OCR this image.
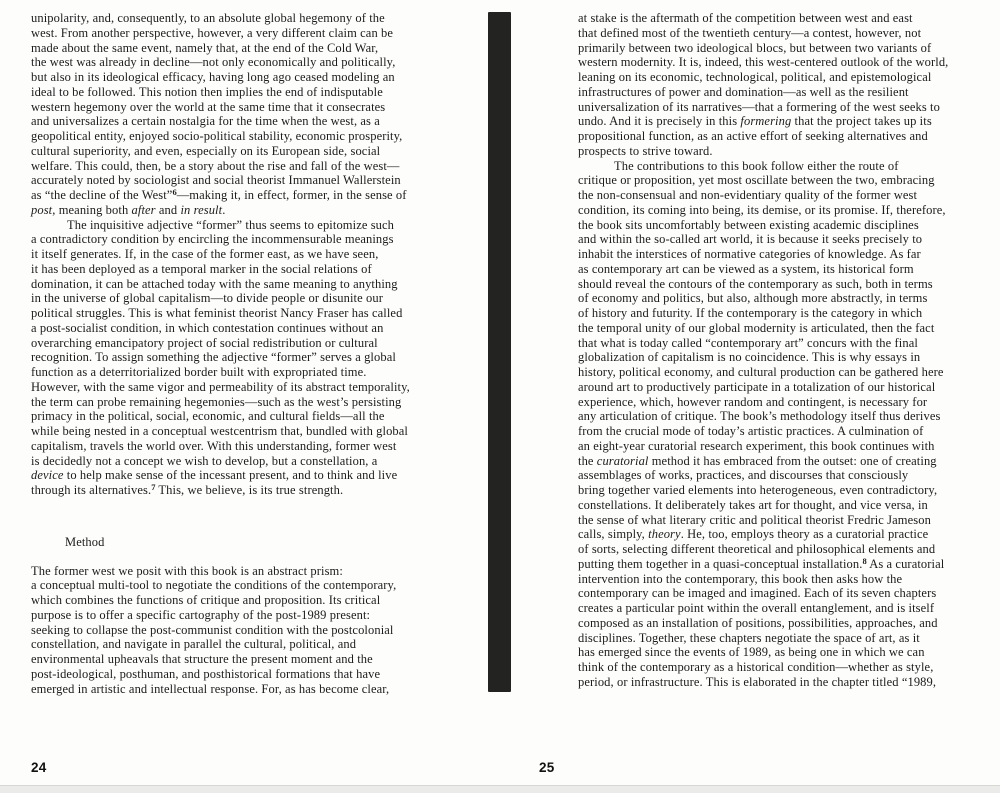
unipolarity, and, consequently, to an absolute global hegemony of the
west. From another perspective, however, a very different claim can be
made about the same event, namely that, at the end of the Cold War,
the west was already in decline—not only economically and politically,
but also in its ideological efficacy, having long ago ceased modeling an
ideal to be followed. This notion then implies the end of indisputable
western hegemony over the world at the same time that it consecrates
and universalizes a certain nostalgia for the time when the west, as a
geopolitical entity, enjoyed socio-political stability, economic prosperity,
cultural superiority, and even, especially on its European side, social
welfare. This could, then, be a story about the rise and fall of the west—
accurately noted by sociologist and social theorist Immanuel Wallerstein
as “the decline of the West”$^6$—making it, in effect, former, in the sense of
post, meaning both after and in result.
The inquisitive adjective “former” thus seems to epitomize such
a contradictory condition by encircling the incommensurable meanings
it itself generates. If, in the case of the former east, as we have seen,
it has been deployed as a temporal marker in the social relations of
domination, it can be attached today with the same meaning to anything
in the universe of global capitalism—to divide people or disunite our
political struggles. This is what feminist theorist Nancy Fraser has called
a post-socialist condition, in which contestation continues without an
overarching emancipatory project of social redistribution or cultural
recognition. To assign something the adjective “former” serves a global
function as a deterritorialized border built with expropriated time.
However, with the same vigor and permeability of its abstract temporality,
the term can probe remaining hegemonies—such as the west’s persisting
primacy in the political, social, economic, and cultural fields—all the
while being nested in a conceptual westcentrism that, bundled with global
capitalism, travels the world over. With this understanding, former west
is decidedly not a concept we wish to develop, but a constellation, a
device to help make sense of the incessant present, and to think and live
through its alternatives.$^7$ This, we believe, is its true strength.
Method
The former west we posit with this book is an abstract prism:
a conceptual multi-tool to negotiate the conditions of the contemporary,
which combines the functions of critique and proposition. Its critical
purpose is to offer a specific cartography of the post-1989 present:
seeking to collapse the post-communist condition with the postcolonial
constellation, and navigate in parallel the cultural, political, and
environmental upheavals that structure the present moment and the
post-ideological, posthuman, and posthistorical formations that have
emerged in artistic and intellectual response. For, as has become clear,
at stake is the aftermath of the competition between west and east
that defined most of the twentieth century—a contest, however, not
primarily between two ideological blocs, but between two variants of
western modernity. It is, indeed, this west-centered outlook of the world,
leaning on its economic, technological, political, and epistemological
infrastructures of power and domination—as well as the resilient
universalization of its narratives—that a formering of the west seeks to
undo. And it is precisely in this formering that the project takes up its
propositional function, as an active effort of seeking alternatives and
prospects to strive toward.
The contributions to this book follow either the route of
critique or proposition, yet most oscillate between the two, embracing
the non-consensual and non-evidentiary quality of the former west
condition, its coming into being, its demise, or its promise. If, therefore,
the book sits uncomfortably between existing academic disciplines
and within the so-called art world, it is because it seeks precisely to
inhabit the interstices of normative categories of knowledge. As far
as contemporary art can be viewed as a system, its historical form
should reveal the contours of the contemporary as such, both in terms
of economy and politics, but also, although more abstractly, in terms
of history and futurity. If the contemporary is the category in which
the temporal unity of our global modernity is articulated, then the fact
that what is today called “contemporary art” concurs with the final
globalization of capitalism is no coincidence. This is why essays in
history, political economy, and cultural production can be gathered here
around art to productively participate in a totalization of our historical
experience, which, however random and contingent, is necessary for
any articulation of critique. The book’s methodology itself thus derives
from the crucial mode of today’s artistic practices. A culmination of
an eight-year curatorial research experiment, this book continues with
the curatorial method it has embraced from the outset: one of creating
assemblages of works, practices, and discourses that consciously
bring together varied elements into heterogeneous, even contradictory,
constellations. It deliberately takes art for thought, and vice versa, in
the sense of what literary critic and political theorist Fredric Jameson
calls, simply, theory. He, too, employs theory as a curatorial practice
of sorts, selecting different theoretical and philosophical elements and
putting them together in a quasi-conceptual installation.$^8$ As a curatorial
intervention into the contemporary, this book then asks how the
contemporary can be imaged and imagined. Each of its seven chapters
creates a particular point within the overall entanglement, and is itself
composed as an installation of positions, possibilities, approaches, and
disciplines. Together, these chapters negotiate the space of art, as it
has emerged since the events of 1989, as being one in which we can
think of the contemporary as a historical condition—whether as style,
period, or infrastructure. This is elaborated in the chapter titled “1989,
24	25
